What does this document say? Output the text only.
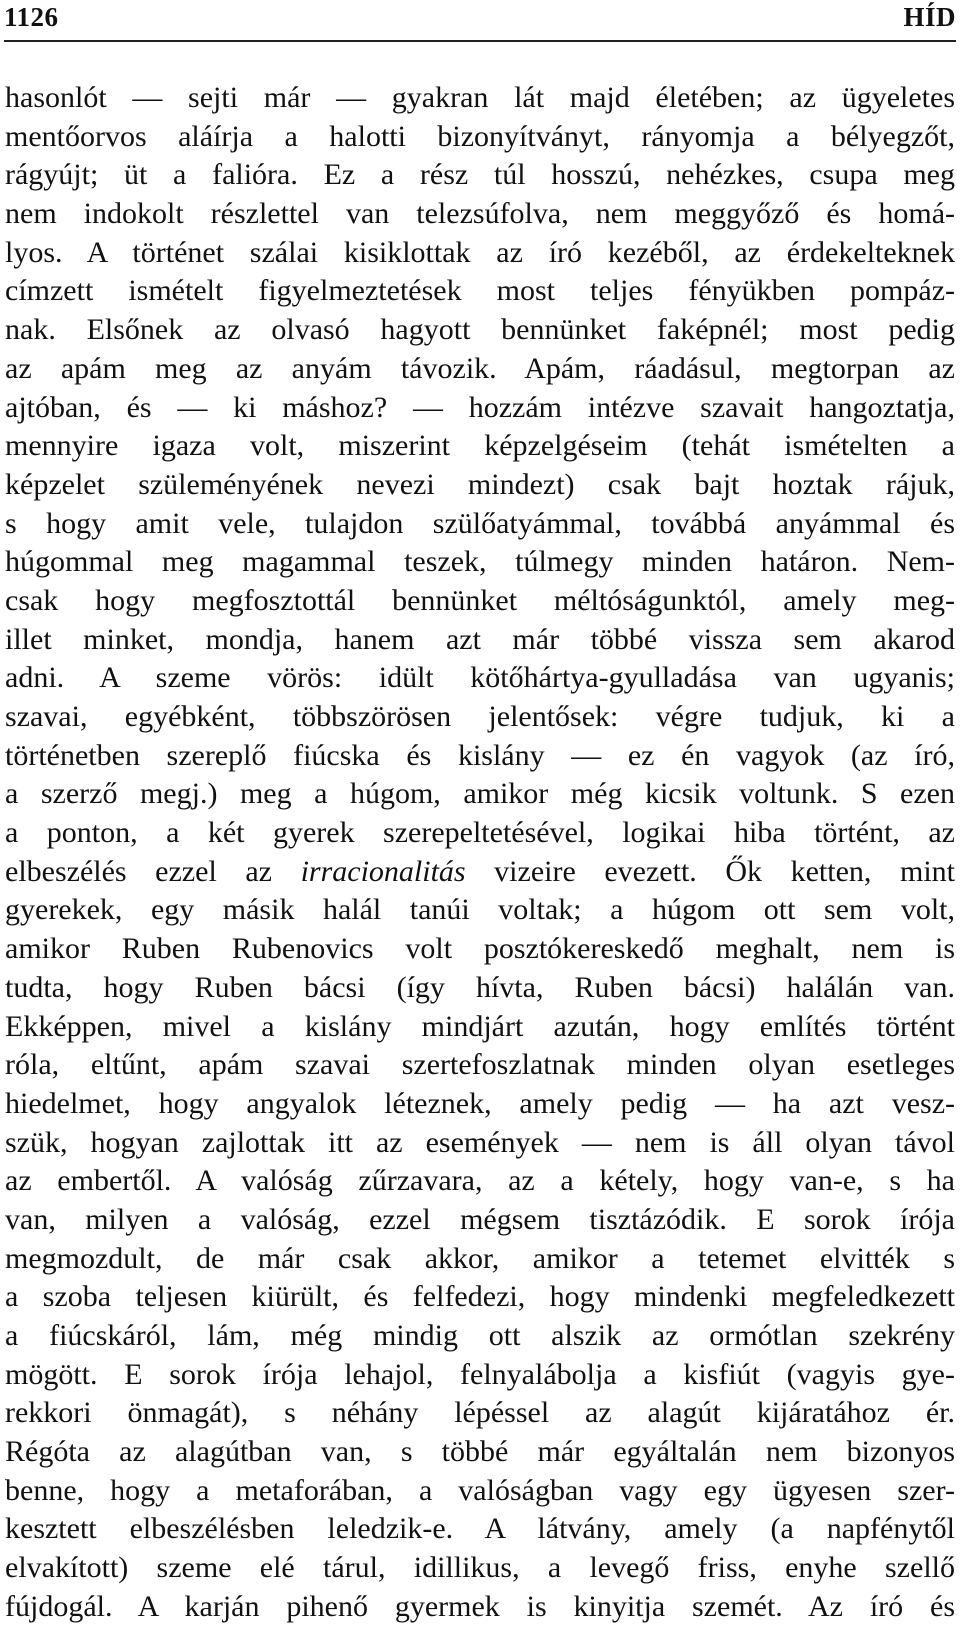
1126	HÍD
hasonlót — sejti már — gyakran lát majd életében; az ügyeletes
mentőorvos aláírja a halotti bizonyítványt, rányomja a bélyegzőt,
rágyújt; üt a falióra. Ez a rész túl hosszú, nehézkes, csupa meg
nem indokolt részlettel van telezsúfolva, nem meggyőző és homá-
lyos. A történet szálai kisiklottak az író kezéből, az érdekelteknek
címzett ismételt figyelmeztetések most teljes fényükben pompáz-
nak. Elsőnek az olvasó hagyott bennünket faképnél; most pedig
az apám meg az anyám távozik. Apám, ráadásul, megtorpan az
ajtóban, és — ki máshoz? — hozzám intézve szavait hangoztatja,
mennyire igaza volt, miszerint képzelgéseim (tehát ismételten a
képzelet szüleményének nevezi mindezt) csak bajt hoztak rájuk,
s hogy amit vele, tulajdon szülőatyámmal, továbbá anyámmal és
húgommal meg magammal teszek, túlmegy minden határon. Nem-
csak hogy megfosztottál bennünket méltóságunktól, amely meg-
illet minket, mondja, hanem azt már többé vissza sem akarod
adni. A szeme vörös: idült kötőhártya-gyulladása van ugyanis;
szavai, egyébként, többszörösen jelentősek: végre tudjuk, ki a
történetben szereplő fiúcska és kislány — ez én vagyok (az író,
a szerző megj.) meg a húgom, amikor még kicsik voltunk. S ezen
a ponton, a két gyerek szerepeltetésével, logikai hiba történt, az
elbeszélés ezzel az irracionalitás vizeire evezett. Ők ketten, mint
gyerekek, egy másik halál tanúi voltak; a húgom ott sem volt,
amikor Ruben Rubenovics volt posztókereskedő meghalt, nem is
tudta, hogy Ruben bácsi (így hívta, Ruben bácsi) halálán van.
Ekképpen, mivel a kislány mindjárt azután, hogy említés történt
róla, eltűnt, apám szavai szertefoszlatnak minden olyan esetleges
hiedelmet, hogy angyalok léteznek, amely pedig — ha azt vesz-
szük, hogyan zajlottak itt az események — nem is áll olyan távol
az embertől. A valóság zűrzavara, az a kétely, hogy van-e, s ha
van, milyen a valóság, ezzel mégsem tisztázódik. E sorok írója
megmozdult, de már csak akkor, amikor a tetemet elvitték s
a szoba teljesen kiürült, és felfedezi, hogy mindenki megfeledkezett
a fiúcskáról, lám, még mindig ott alszik az ormótlan szekrény
mögött. E sorok írója lehajol, felnyalábolja a kisfiút (vagyis gye-
rekkori önmagát), s néhány lépéssel az alagút kijáratához ér.
Régóta az alagútban van, s többé már egyáltalán nem bizonyos
benne, hogy a metaforában, a valóságban vagy egy ügyesen szer-
kesztett elbeszélésben leledzik-e. A látvány, amely (a napfénytől
elvakított) szeme elé tárul, idillikus, a levegő friss, enyhe szellő
fújdogál. A karján pihenő gyermek is kinyitja szemét. Az író és
